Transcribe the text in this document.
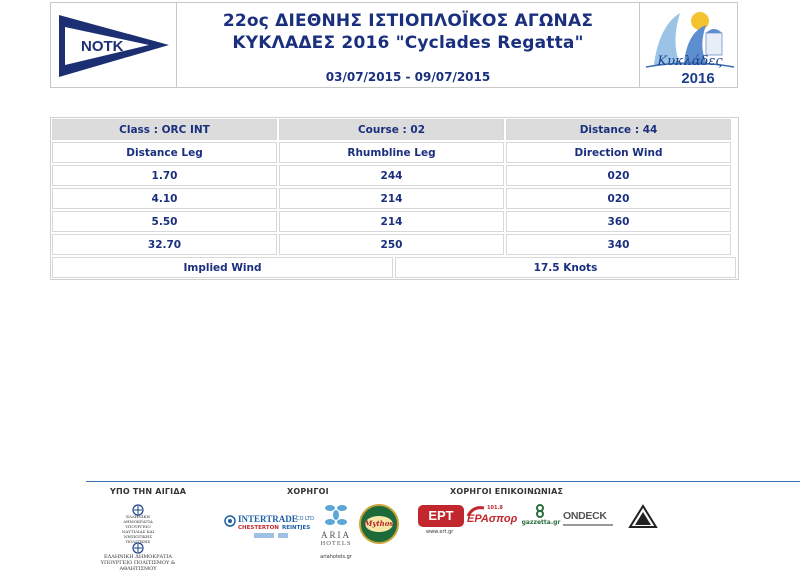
NOTK
22ος ΔΙΕΘΝΗΣ ΙΣΤΙΟΠΛΟΪΚΟΣ ΑΓΩΝΑΣ
ΚΥΚΛΑΔΕΣ 2016 "Cyclades Regatta"
03/07/2015 - 09/07/2015
Κυκλάδες
2016
Class : ORC INT	Course : 02	Distance : 44
Distance Leg	Rhumbline Leg	Direction Wind
1.70	244	020
4.10	214	020
5.50	214	360
32.70	250	340
Implied Wind	17.5 Knots
ΥΠΟ ΤΗΝ ΑΙΓΙΔΑ	ΧΟΡΗΓΟΙ	ΧΟΡΗΓΟΙ ΕΠΙΚΟΙΝΩΝΙΑΣ
ΕΛΛΗΝΙΚΗ ΔΗΜΟΚΡΑΤΙΑ
ΥΠΟΥΡΓΕΙΟ ΝΑΥΤΙΛΙΑΣ ΚΑΙ
ΝΗΣΙΩΤΙΚΗΣ ΠΟΛΙΤΙΚΗΣ
ΕΛΛΗΝΙΚΗ ΔΗΜΟΚΡΑΤΙΑ
ΥΠΟΥΡΓΕΙΟ ΠΟΛΙΤΙΣΜΟΥ & ΑΘΛΗΤΙΣΜΟΥ
INTERTRADE
CO LTD
CHESTERTON REINTJES
ARIA
HOTELS
ariahotels.gr
Mythos
ΕΡΤ
www.ert.gr
101.8
ΕΡΑσπορ gazzetta.gr
ONDECK
